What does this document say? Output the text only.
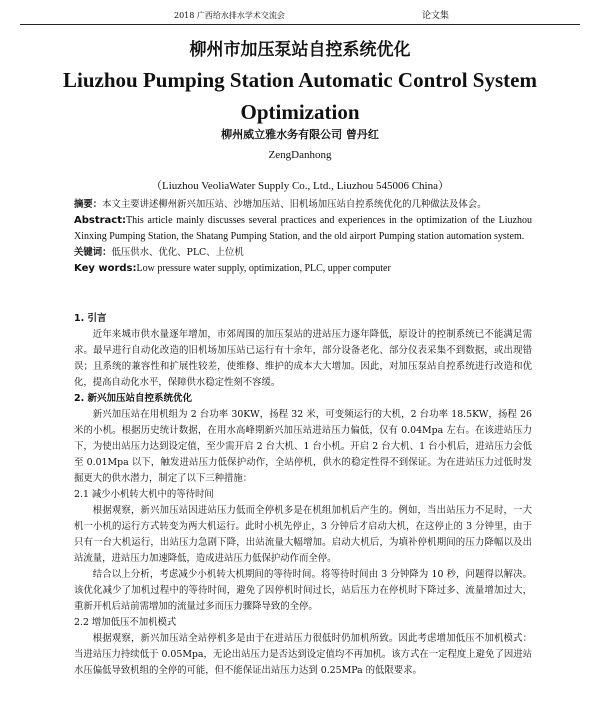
2018 广西给水排水学术交流会	论文集
柳州市加压泵站自控系统优化
Liuzhou Pumping Station Automatic Control System Optimization
柳州威立雅水务有限公司 曾丹红
ZengDanhong
（Liuzhou VeoliaWater Supply Co., Ltd., Liuzhou 545006 China）

摘要：本文主要讲述柳州新兴加压站、沙塘加压站、旧机场加压站自控系统优化的几种做法及体会。

Abstract:This article mainly discusses several practices and experiences in the optimization of the Liuzhou Xinxing Pumping Station, the Shatang Pumping Station, and the old airport Pumping station automation system.

关键词：低压供水、优化、PLC、上位机

Key words:Low pressure water supply, optimization, PLC, upper computer

1. 引言

近年来城市供水量逐年增加，市郊周围的加压泵站的进站压力逐年降低，原设计的控制系统已不能满足需求。最早进行自动化改造的旧机场加压站已运行有十余年，部分设备老化、部分仪表采集不到数据，或出现错误；且系统的兼容性和扩展性较差，使维修、维护的成本大大增加。因此，对加压泵站自控系统进行改造和优化，提高自动化水平，保障供水稳定性刻不容缓。

2. 新兴加压站自控系统优化

新兴加压站在用机组为 2 台功率 30KW，扬程 32 米，可变频运行的大机，2 台功率 18.5KW，扬程 26 米的小机。根据历史统计数据，在用水高峰期新兴加压站进站压力偏低，仅有 0.04Mpa 左右。在该进站压力下，为使出站压力达到设定值，至少需开启 2 台大机、1 台小机。开启 2 台大机、1 台小机后，进站压力会低至 0.01Mpa 以下，触发进站压力低保护动作，全站停机，供水的稳定性得不到保证。为在进站压力过低时发掘更大的供水潜力，制定了以下三种措施：

2.1 减少小机转大机中的等待时间

根据观察，新兴加压站因进站压力低而全停机多是在机组加机后产生的。例如，当出站压力不足时，一大机一小机的运行方式转变为两大机运行。此时小机先停止，3 分钟后才启动大机，在这停止的 3 分钟里，由于只有一台大机运行，出站压力急剧下降，出站流量大幅增加。启动大机后，为填补停机期间的压力降幅以及出站流量，进站压力加速降低，造成进站压力低保护动作而全停。

结合以上分析，考虑减少小机转大机期间的等待时间。将等待时间由 3 分钟降为 10 秒，问题得以解决。该优化减少了加机过程中的等待时间，避免了因停机时间过长，站后压力在停机时下降过多、流量增加过大，重新开机后站前需增加的流量过多而压力骤降导致的全停。

2.2 增加低压不加机模式

根据观察，新兴加压站全站停机多是由于在进站压力很低时仍加机所致。因此考虑增加低压不加机模式：当进站压力持续低于 0.05Mpa，无论出站压力是否达到设定值均不再加机。该方式在一定程度上避免了因进站水压偏低导致机组的全停的可能，但不能保证出站压力达到 0.25MPa 的低限要求。
